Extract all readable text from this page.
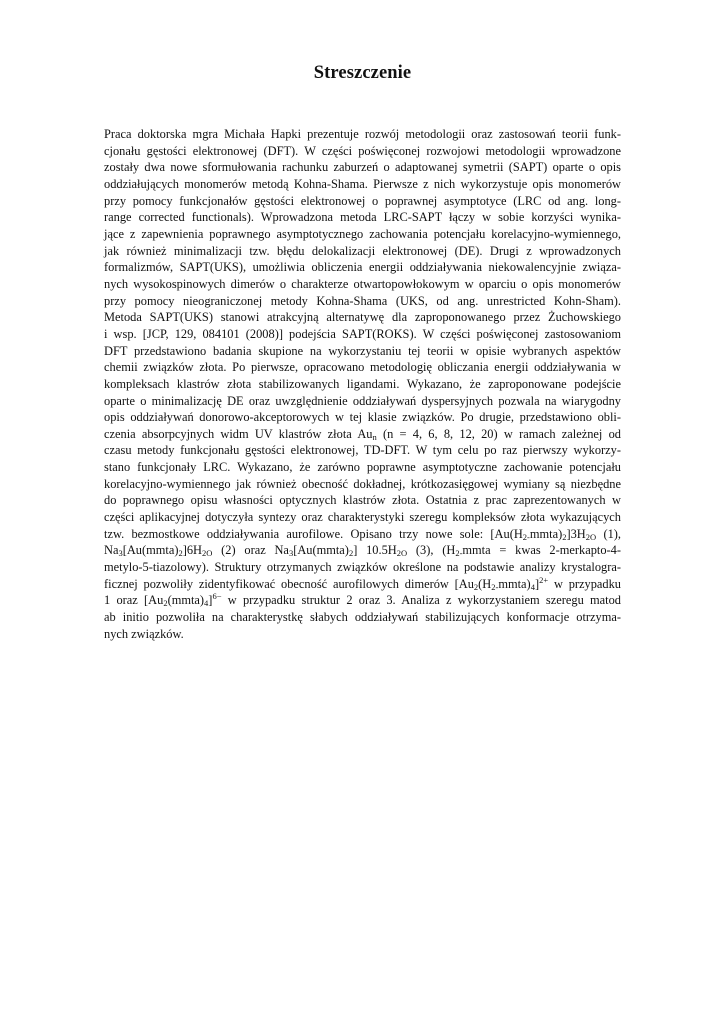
Streszczenie
Praca doktorska mgra Michała Hapki prezentuje rozwój metodologii oraz zastosowań teorii funk-
cjonału gęstości elektronowej (DFT). W części poświęconej rozwojowi metodologii wprowadzone
zostały dwa nowe sformułowania rachunku zaburzeń o adaptowanej symetrii (SAPT) oparte o opis
oddziałujących monomerów metodą Kohna-Shama. Pierwsze z nich wykorzystuje opis monomerów
przy pomocy funkcjonałów gęstości elektronowej o poprawnej asymptotyce (LRC od ang. long-
range corrected functionals). Wprowadzona metoda LRC-SAPT łączy w sobie korzyści wynika-
jące z zapewnienia poprawnego asymptotycznego zachowania potencjału korelacyjno-wymiennego,
jak również minimalizacji tzw. błędu delokalizacji elektronowej (DE). Drugi z wprowadzonych
formalizmów, SAPT(UKS), umożliwia obliczenia energii oddziaływania niekowalencyjnie związa-
nych wysokospinowych dimerów o charakterze otwartopowłokowym w oparciu o opis monomerów
przy pomocy nieograniczonej metody Kohna-Shama (UKS, od ang. unrestricted Kohn-Sham).
Metoda SAPT(UKS) stanowi atrakcyjną alternatywę dla zaproponowanego przez Żuchowskiego
i wsp. [JCP, 129, 084101 (2008)] podejścia SAPT(ROKS). W części poświęconej zastosowaniom
DFT przedstawiono badania skupione na wykorzystaniu tej teorii w opisie wybranych aspektów
chemii związków złota. Po pierwsze, opracowano metodologię obliczania energii oddziaływania w
kompleksach klastrów złota stabilizowanych ligandami. Wykazano, że zaproponowane podejście
oparte o minimalizację DE oraz uwzględnienie oddziaływań dyspersyjnych pozwala na wiarygodny
opis oddziaływań donorowo-akceptorowych w tej klasie związków. Po drugie, przedstawiono obli-
czenia absorpcyjnych widm UV klastrów złota $Au_n$ (n = 4, 6, 8, 12, 20) w ramach zależnej od
czasu metody funkcjonału gęstości elektronowej, TD-DFT. W tym celu po raz pierwszy wykorzy-
stano funkcjonały LRC. Wykazano, że zarówno poprawne asymptotyczne zachowanie potencjału
korelacyjno-wymiennego jak również obecność dokładnej, krótkozasięgowej wymiany są niezbędne
do poprawnego opisu własności optycznych klastrów złota. Ostatnia z prac zaprezentowanych w
części aplikacyjnej dotyczyła syntezy oraz charakterystyki szeregu kompleksów złota wykazujących
tzw. bezmostkowe oddziaływania aurofilowe. Opisano trzy nowe sole: $[Au(H_{2-}mmta)_2]3H_{2O}$ (1),
$Na_3[Au(mmta)_2]6H_{2O}$ (2) oraz $Na_3[Au(mmta)_2]$ $10.5H_{2O}$ (3), ($H_{2-}mmta$ = kwas 2-merkapto-4-
metylo-5-tiazolowy). Struktury otrzymanych związków określone na podstawie analizy krystalogra-
ficznej pozwoliły zidentyfikować obecność aurofilowych dimerów $[Au_2(H_{2-}mmta)_4]^{2+}$ w przypadku
1 oraz $[Au_2(mmta)_4]^{6-}$ w przypadku struktur 2 oraz 3. Analiza z wykorzystaniem szeregu matod
ab initio pozwoliła na charakterystkę słabych oddziaływań stabilizujących konformacje otrzyma-
nych związków.
